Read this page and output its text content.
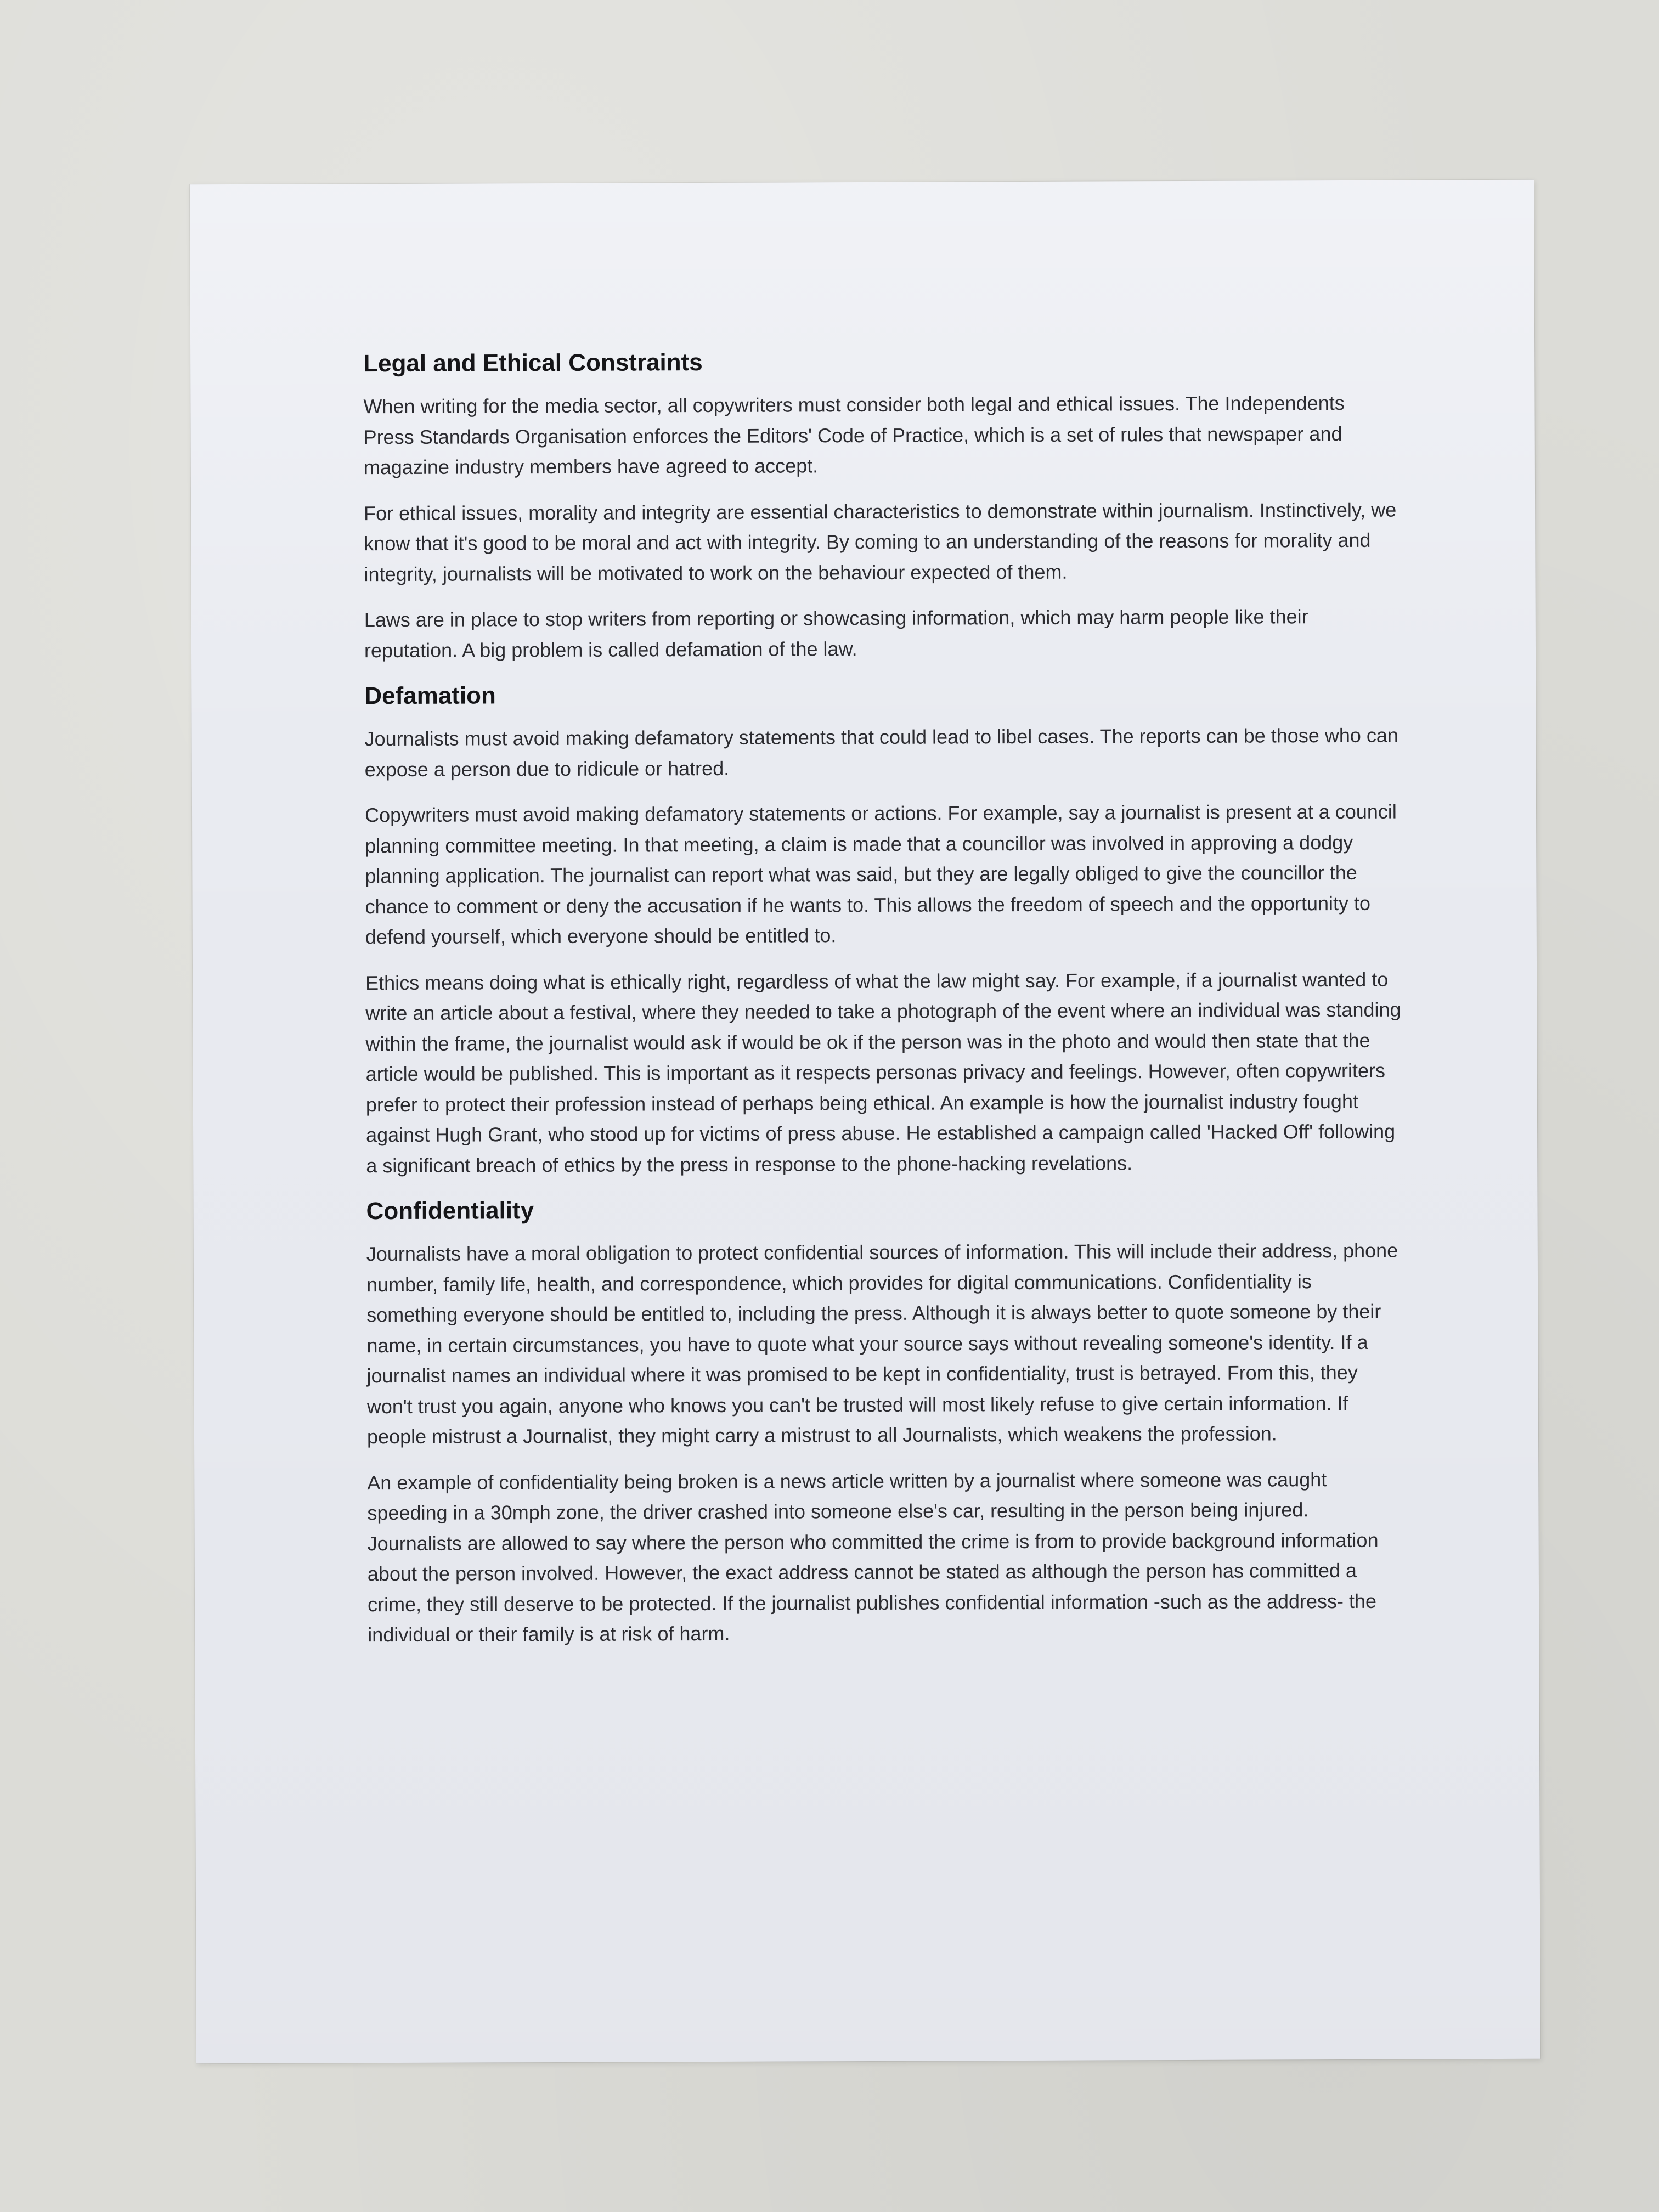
Legal and Ethical Constraints

When writing for the media sector, all copywriters must consider both legal and ethical issues. The Independents Press Standards Organisation enforces the Editors' Code of Practice, which is a set of rules that newspaper and magazine industry members have agreed to accept.

For ethical issues, morality and integrity are essential characteristics to demonstrate within journalism. Instinctively, we know that it's good to be moral and act with integrity. By coming to an understanding of the reasons for morality and integrity, journalists will be motivated to work on the behaviour expected of them.

Laws are in place to stop writers from reporting or showcasing information, which may harm people like their reputation. A big problem is called defamation of the law.

Defamation

Journalists must avoid making defamatory statements that could lead to libel cases. The reports can be those who can expose a person due to ridicule or hatred.

Copywriters must avoid making defamatory statements or actions. For example, say a journalist is present at a council planning committee meeting. In that meeting, a claim is made that a councillor was involved in approving a dodgy planning application. The journalist can report what was said, but they are legally obliged to give the councillor the chance to comment or deny the accusation if he wants to. This allows the freedom of speech and the opportunity to defend yourself, which everyone should be entitled to.

Ethics means doing what is ethically right, regardless of what the law might say. For example, if a journalist wanted to write an article about a festival, where they needed to take a photograph of the event where an individual was standing within the frame, the journalist would ask if would be ok if the person was in the photo and would then state that the article would be published. This is important as it respects personas privacy and feelings. However, often copywriters prefer to protect their profession instead of perhaps being ethical. An example is how the journalist industry fought against Hugh Grant, who stood up for victims of press abuse. He established a campaign called 'Hacked Off' following a significant breach of ethics by the press in response to the phone-hacking revelations.

Confidentiality

Journalists have a moral obligation to protect confidential sources of information. This will include their address, phone number, family life, health, and correspondence, which provides for digital communications. Confidentiality is something everyone should be entitled to, including the press. Although it is always better to quote someone by their name, in certain circumstances, you have to quote what your source says without revealing someone's identity. If a journalist names an individual where it was promised to be kept in confidentiality, trust is betrayed. From this, they won't trust you again, anyone who knows you can't be trusted will most likely refuse to give certain information. If people mistrust a Journalist, they might carry a mistrust to all Journalists, which weakens the profession.

An example of confidentiality being broken is a news article written by a journalist where someone was caught speeding in a 30mph zone, the driver crashed into someone else's car, resulting in the person being injured. Journalists are allowed to say where the person who committed the crime is from to provide background information about the person involved. However, the exact address cannot be stated as although the person has committed a crime, they still deserve to be protected. If the journalist publishes confidential information -such as the address- the individual or their family is at risk of harm.
